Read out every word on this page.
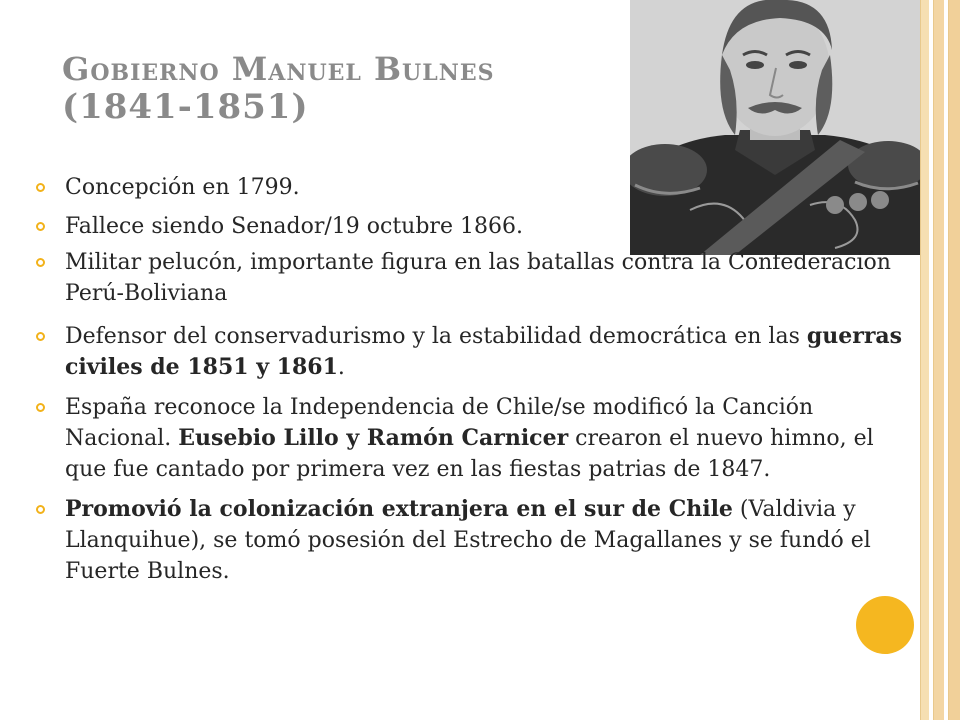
Gobierno Manuel Bulnes
(1841-1851)
Concepción en 1799.
Fallece siendo Senador/19 octubre 1866.
Militar pelucón, importante figura en las batallas contra la Confederación Perú-Boliviana
Defensor del conservadurismo y la estabilidad democrática en las guerras civiles de 1851 y 1861.
España reconoce la Independencia de Chile/se modificó la Canción Nacional. Eusebio Lillo y Ramón Carnicer crearon el nuevo himno, el que fue cantado por primera vez en las fiestas patrias de 1847.
Promovió la colonización extranjera en el sur de Chile (Valdivia y Llanquihue), se tomó posesión del Estrecho de Magallanes y se fundó el Fuerte Bulnes.
